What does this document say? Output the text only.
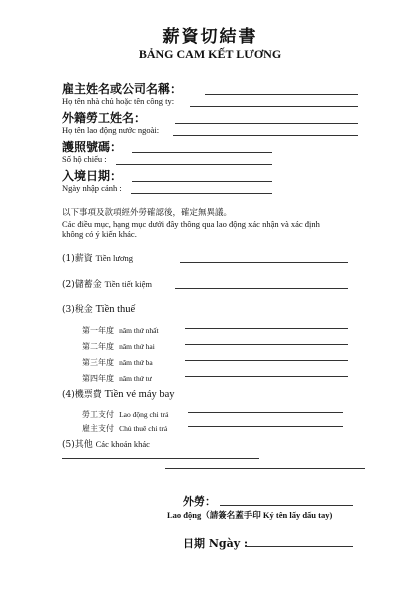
薪資切結書
BẢNG CAM KẾT LƯƠNG
雇主姓名或公司名稱：
Họ tên nhà chủ hoặc tên công ty:
外籍勞工姓名：
Họ tên lao động nước ngoài:
護照號碼：
Số hộ chiếu :
入境日期：
Ngày nhập cảnh :
以下事項及款項經外勞確認後，確定無異議。
Các điều mục, hạng mục dưới đây thông qua lao động xác nhận và xác định
không có ý kiến khác.
(1)薪資 Tiền lương
(2)儲蓄金 Tiền tiết kiệm
(3)稅金 Tiền thuế
第一年度 năm thứ nhất
第二年度 năm thứ hai
第三年度 năm thứ ba
第四年度 năm thứ tư
(4)機票費 Tiền vé máy bay
勞工支付 Lao động chi trả
雇主支付 Chủ thuê chi trả
(5)其他 Các khoản khác
外勞：
Lao động（請簽名蓋手印 Ký tên lấy dấu tay)
日期 Ngày :
